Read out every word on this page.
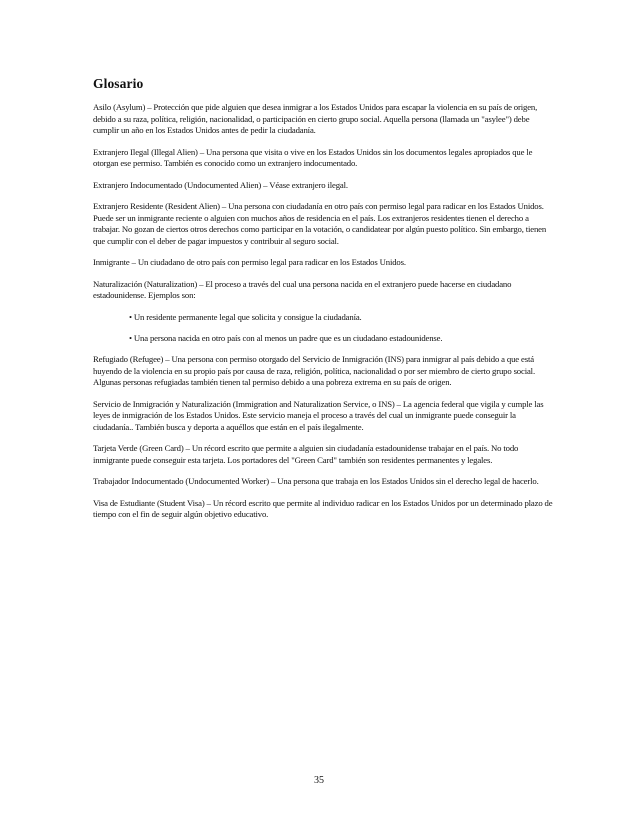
Glosario

Asilo (Asylum) – Protección que pide alguien que desea inmigrar a los Estados Unidos para escapar la violencia en su país de origen, debido a su raza, política, religión, nacionalidad, o participación en cierto grupo social. Aquella persona (llamada un "asylee") debe cumplir un año en los Estados Unidos antes de pedir la ciudadanía.

Extranjero Ilegal (Illegal Alien) – Una persona que visita o vive en los Estados Unidos sin los documentos legales apropiados que le otorgan ese permiso. También es conocido como un extranjero indocumentado.

Extranjero Indocumentado (Undocumented Alien) – Véase extranjero ilegal.

Extranjero Residente (Resident Alien) – Una persona con ciudadanía en otro país con permiso legal para radicar en los Estados Unidos. Puede ser un inmigrante reciente o alguien con muchos años de residencia en el país. Los extranjeros residentes tienen el derecho a trabajar. No gozan de ciertos otros derechos como participar en la votación, o candidatear por algún puesto político. Sin embargo, tienen que cumplir con el deber de pagar impuestos y contribuir al seguro social.

Inmigrante – Un ciudadano de otro país con permiso legal para radicar en los Estados Unidos.

Naturalización (Naturalization) – El proceso a través del cual una persona nacida en el extranjero puede hacerse en ciudadano estadounidense. Ejemplos son:

• Un residente permanente legal que solicita y consigue la ciudadanía.

• Una persona nacida en otro país con al menos un padre que es un ciudadano estadounidense.

Refugiado (Refugee) – Una persona con permiso otorgado del Servicio de Inmigración (INS) para inmigrar al país debido a que está huyendo de la violencia en su propio país por causa de raza, religión, política, nacionalidad o por ser miembro de cierto grupo social. Algunas personas refugiadas también tienen tal permiso debido a una pobreza extrema en su país de origen.

Servicio de Inmigración y Naturalización (Immigration and Naturalization Service, o INS) – La agencia federal que vigila y cumple las leyes de inmigración de los Estados Unidos. Este servicio maneja el proceso a través del cual un inmigrante puede conseguir la ciudadanía.. También busca y deporta a aquéllos que están en el país ilegalmente.

Tarjeta Verde (Green Card) – Un récord escrito que permite a alguien sin ciudadanía estadounidense trabajar en el país. No todo inmigrante puede conseguir esta tarjeta. Los portadores del "Green Card" también son residentes permanentes y legales.

Trabajador Indocumentado (Undocumented Worker) – Una persona que trabaja en los Estados Unidos sin el derecho legal de hacerlo.

Visa de Estudiante (Student Visa) – Un récord escrito que permite al individuo radicar en los Estados Unidos por un determinado plazo de tiempo con el fin de seguir algún objetivo educativo.

35
